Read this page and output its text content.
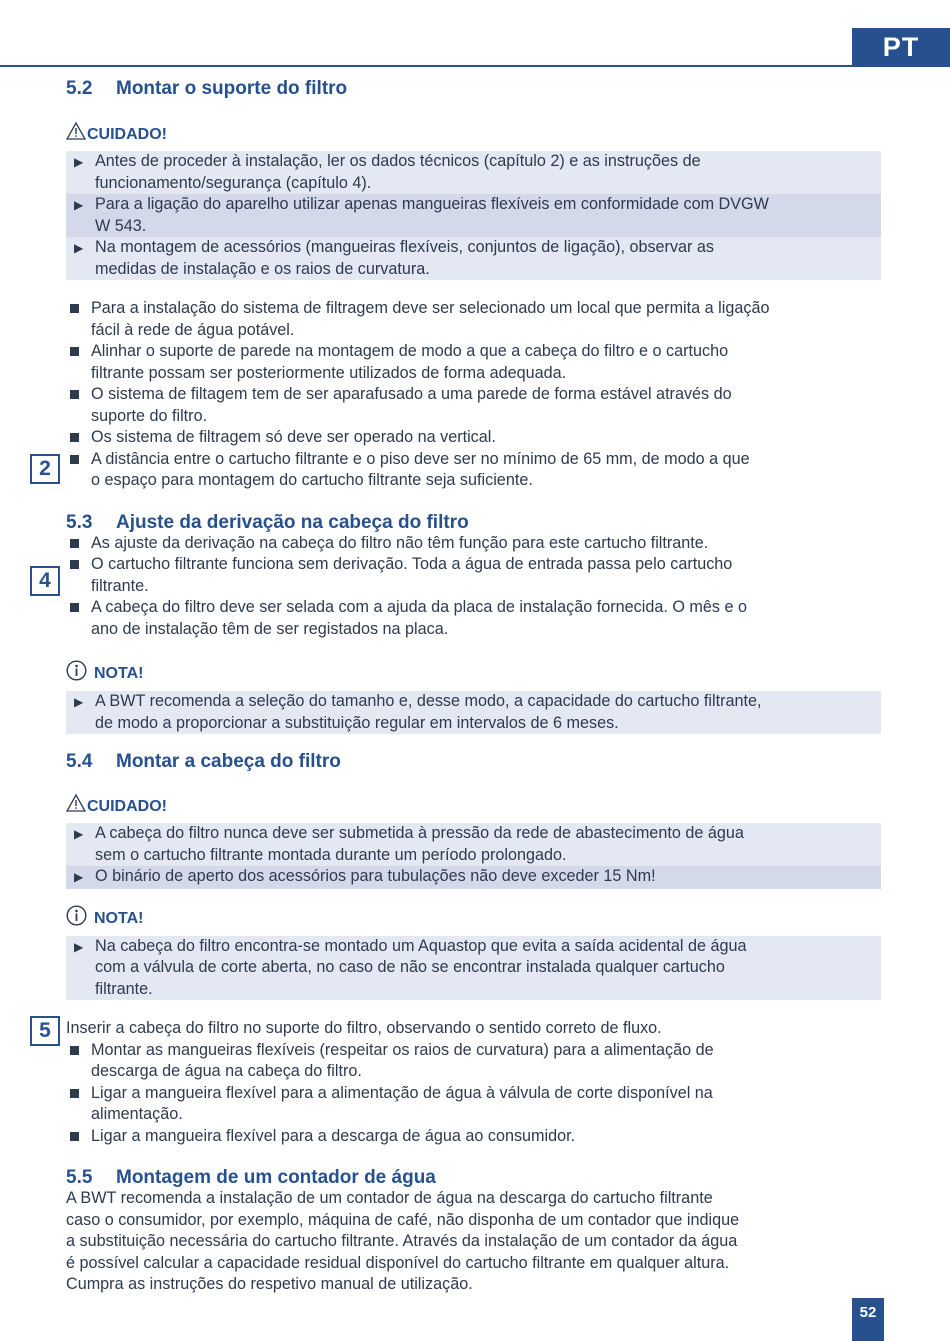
PT
2
4
5
5.2 Montar o suporte do filtro
CUIDADO!
▶ Antes de proceder à instalação, ler os dados técnicos (capítulo 2) e as instruções de
funcionamento/segurança (capítulo 4).
▶ Para a ligação do aparelho utilizar apenas mangueiras flexíveis em conformidade com DVGW
W 543.
▶ Na montagem de acessórios (mangueiras flexíveis, conjuntos de ligação), observar as
medidas de instalação e os raios de curvatura.
Para a instalação do sistema de filtragem deve ser selecionado um local que permita a ligação
fácil à rede de água potável.
Alinhar o suporte de parede na montagem de modo a que a cabeça do filtro e o cartucho
filtrante possam ser posteriormente utilizados de forma adequada.
O sistema de filtagem tem de ser aparafusado a uma parede de forma estável através do
suporte do filtro.
Os sistema de filtragem só deve ser operado na vertical.
A distância entre o cartucho filtrante e o piso deve ser no mínimo de 65 mm, de modo a que
o espaço para montagem do cartucho filtrante seja suficiente.
5.3 Ajuste da derivação na cabeça do filtro
As ajuste da derivação na cabeça do filtro não têm função para este cartucho filtrante.
O cartucho filtrante funciona sem derivação. Toda a água de entrada passa pelo cartucho
filtrante.
A cabeça do filtro deve ser selada com a ajuda da placa de instalação fornecida. O mês e o
ano de instalação têm de ser registados na placa.
NOTA!
▶ A BWT recomenda a seleção do tamanho e, desse modo, a capacidade do cartucho filtrante,
de modo a proporcionar a substituição regular em intervalos de 6 meses.
5.4 Montar a cabeça do filtro
CUIDADO!
▶ A cabeça do filtro nunca deve ser submetida à pressão da rede de abastecimento de água
sem o cartucho filtrante montada durante um período prolongado.
▶ O binário de aperto dos acessórios para tubulações não deve exceder 15 Nm!
NOTA!
▶ Na cabeça do filtro encontra-se montado um Aquastop que evita a saída acidental de água
com a válvula de corte aberta, no caso de não se encontrar instalada qualquer cartucho
filtrante.
Inserir a cabeça do filtro no suporte do filtro, observando o sentido correto de fluxo.
Montar as mangueiras flexíveis (respeitar os raios de curvatura) para a alimentação de
descarga de água na cabeça do filtro.
Ligar a mangueira flexível para a alimentação de água à válvula de corte disponível na
alimentação.
Ligar a mangueira flexível para a descarga de água ao consumidor.
5.5 Montagem de um contador de água
A BWT recomenda a instalação de um contador de água na descarga do cartucho filtrante
caso o consumidor, por exemplo, máquina de café, não disponha de um contador que indique
a substituição necessária do cartucho filtrante. Através da instalação de um contador da água
é possível calcular a capacidade residual disponível do cartucho filtrante em qualquer altura.
Cumpra as instruções do respetivo manual de utilização.
52
